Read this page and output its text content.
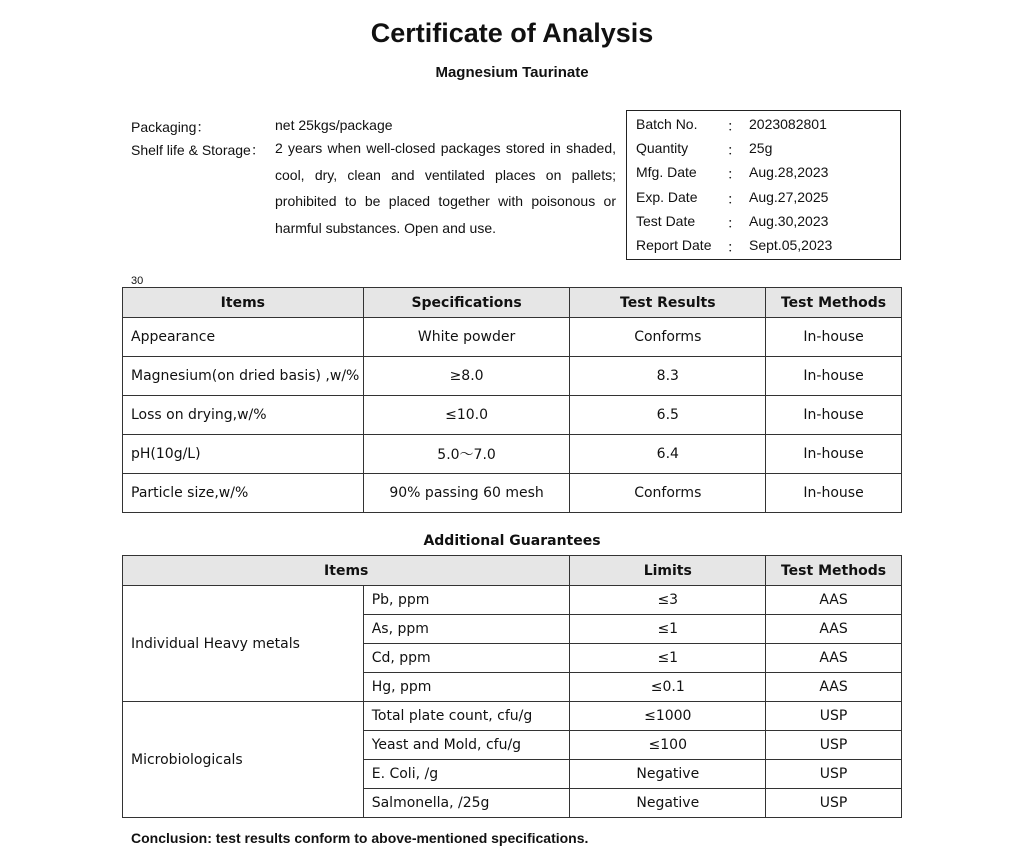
Certificate of Analysis
Magnesium Taurinate
Packaging：	net 25kgs/package
Shelf life & Storage： 2 years when well-closed packages stored in shaded, cool, dry, clean and ventilated places on pallets; prohibited to be placed together with poisonous or harmful substances. Open and use.
Batch No. ： 2023082801
Quantity	： 25g
Mfg. Date ： Aug.28,2023
Exp. Date ： Aug.27,2025
Test Date ： Aug.30,2023
Report Date ： Sept.05,2023
30
Items	Specifications	Test Results	Test Methods
Appearance	White powder	Conforms	In-house
Magnesium(on dried basis) ,w/%	≥8.0	8.3	In-house
Loss on drying,w/%	≤10.0	6.5	In-house
pH(10g/L)	5.0～7.0	6.4	In-house
Particle size,w/%	90% passing 60 mesh	Conforms	In-house
Additional Guarantees
Items		Limits	Test Methods
Individual Heavy metals	Pb, ppm	≤3	AAS
	As, ppm	≤1	AAS
	Cd, ppm	≤1	AAS
	Hg, ppm	≤0.1	AAS
Microbiologicals	Total plate count, cfu/g	≤1000	USP
	Yeast and Mold, cfu/g	≤100	USP
	E. Coli, /g	Negative	USP
	Salmonella, /25g	Negative	USP
Conclusion: test results conform to above-mentioned specifications.
